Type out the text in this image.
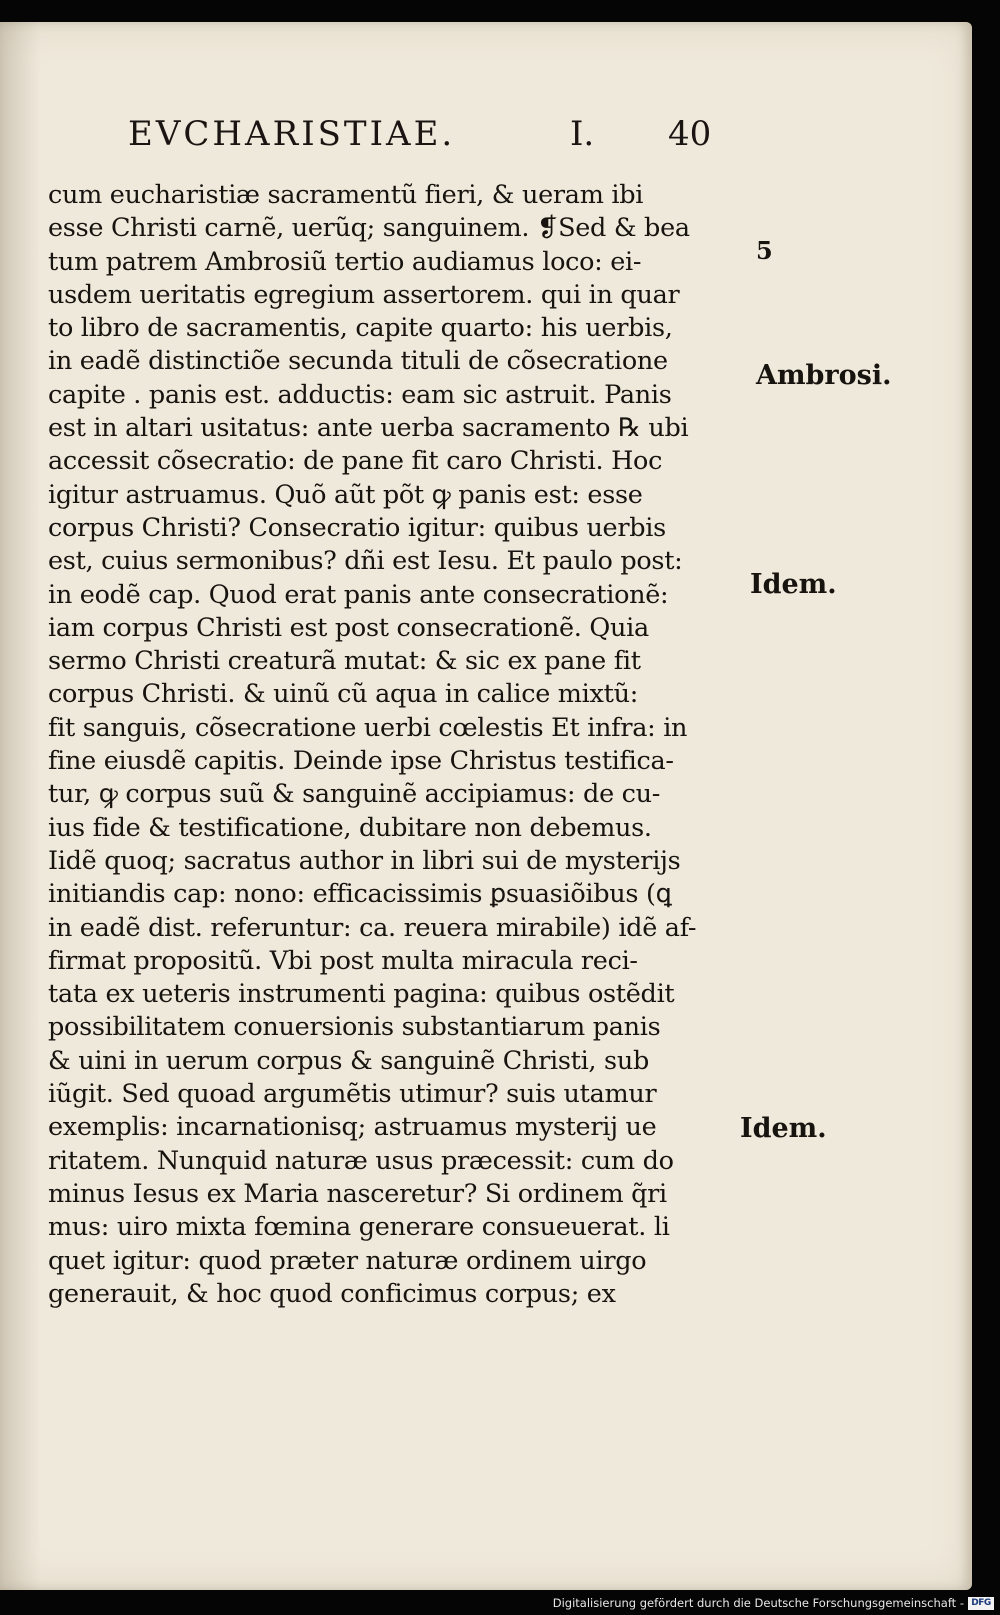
EVCHARISTIAE.	I. 40
cum eucharistiæ sacramentũ fieri, & ueram ibi
esse Christi carnẽ, uerũq; sanguinem. ❡Sed & bea
tum patrem Ambrosiũ tertio audiamus loco: ei-
usdem ueritatis egregium assertorem. qui in quar
to libro de sacramentis, capite quarto: his uerbis,
in eadẽ distinctiõe secunda tituli de cõsecratione
capite . panis est. adductis: eam sic astruit. Panis
est in altari usitatus: ante uerba sacramento ℞ ubi
accessit cõsecratio: de pane fit caro Christi. Hoc
igitur astruamus. Quõ aũt põt ꝙ panis est: esse
corpus Christi? Consecratio igitur: quibus uerbis
est, cuius sermonibus? dñi est Iesu. Et paulo post:
in eodẽ cap. Quod erat panis ante consecrationẽ:
iam corpus Christi est post consecrationẽ. Quia
sermo Christi creaturã mutat: & sic ex pane fit
corpus Christi. & uinũ cũ aqua in calice mixtũ:
fit sanguis, cõsecratione uerbi cœlestis Et infra: in
fine eiusdẽ capitis. Deinde ipse Christus testifica-
tur, ꝙ corpus suũ & sanguinẽ accipiamus: de cu-
ius fide & testificatione, dubitare non debemus.
Iidẽ quoq; sacratus author in libri sui de mysterijs
initiandis cap: nono: efficacissimis ꝑsuasiõibus (ꝗ
in eadẽ dist. referuntur: ca. reuera mirabile) idẽ af-
firmat propositũ. Vbi post multa miracula reci-
tata ex ueteris instrumenti pagina: quibus ostẽdit
possibilitatem conuersionis substantiarum panis
& uini in uerum corpus & sanguinẽ Christi, sub
iũgit. Sed quoad argumẽtis utimur? suis utamur
exemplis: incarnationisq; astruamus mysterij ue
ritatem. Nunquid naturæ usus præcessit: cum do
minus Iesus ex Maria nasceretur? Si ordinem q̃ri
mus: uiro mixta fœmina generare consueuerat. li
quet igitur: quod præter naturæ ordinem uirgo
generauit, & hoc quod conficimus corpus; ex
5
Ambrosi.
Idem.
Idem.
Digitalisierung gefördert durch die Deutsche Forschungsgemeinschaft - DFG
